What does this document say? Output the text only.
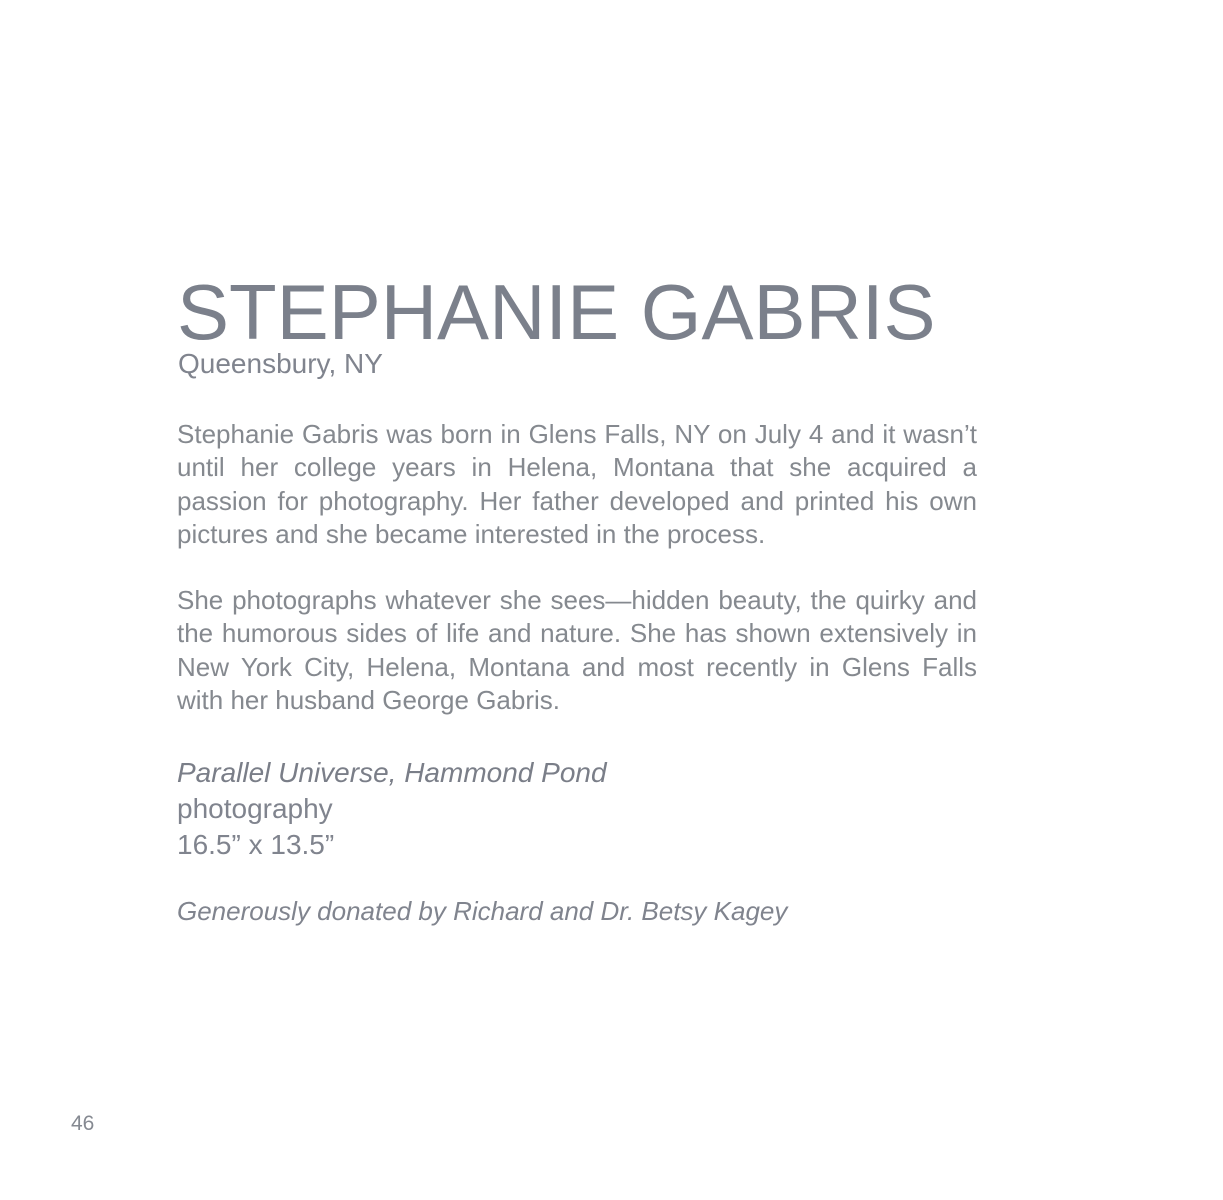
STEPHANIE GABRIS

Queensbury, NY

Stephanie Gabris was born in Glens Falls, NY on July 4 and it wasn’t until her college years in Helena, Montana that she acquired a passion for photography. Her father developed and printed his own pictures and she became interested in the process.

She photographs whatever she sees—hidden beauty, the quirky and the humorous sides of life and nature. She has shown extensively in New York City, Helena, Montana and most recently in Glens Falls with her husband George Gabris.

Parallel Universe, Hammond Pond

photography

16.5” x 13.5”

Generously donated by Richard and Dr. Betsy Kagey

46
